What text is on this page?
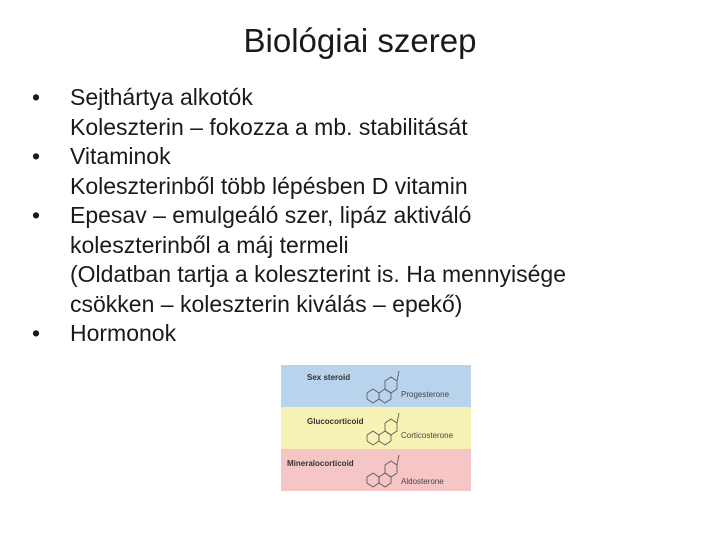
Biológiai szerep
•	Sejthártya alkotók
Koleszterin – fokozza a mb. stabilitását
•	Vitaminok
Koleszterinből több lépésben D vitamin
•	Epesav – emulgeáló szer, lipáz aktiváló
koleszterinből a máj termeli
(Oldatban tartja a koleszterint is. Ha mennyisége
csökken – koleszterin kiválás – epekő)
•	Hormonok
Sex steroid
Progesterone
Glucocorticoid
Corticosterone
Mineralocorticoid
Aldosterone
